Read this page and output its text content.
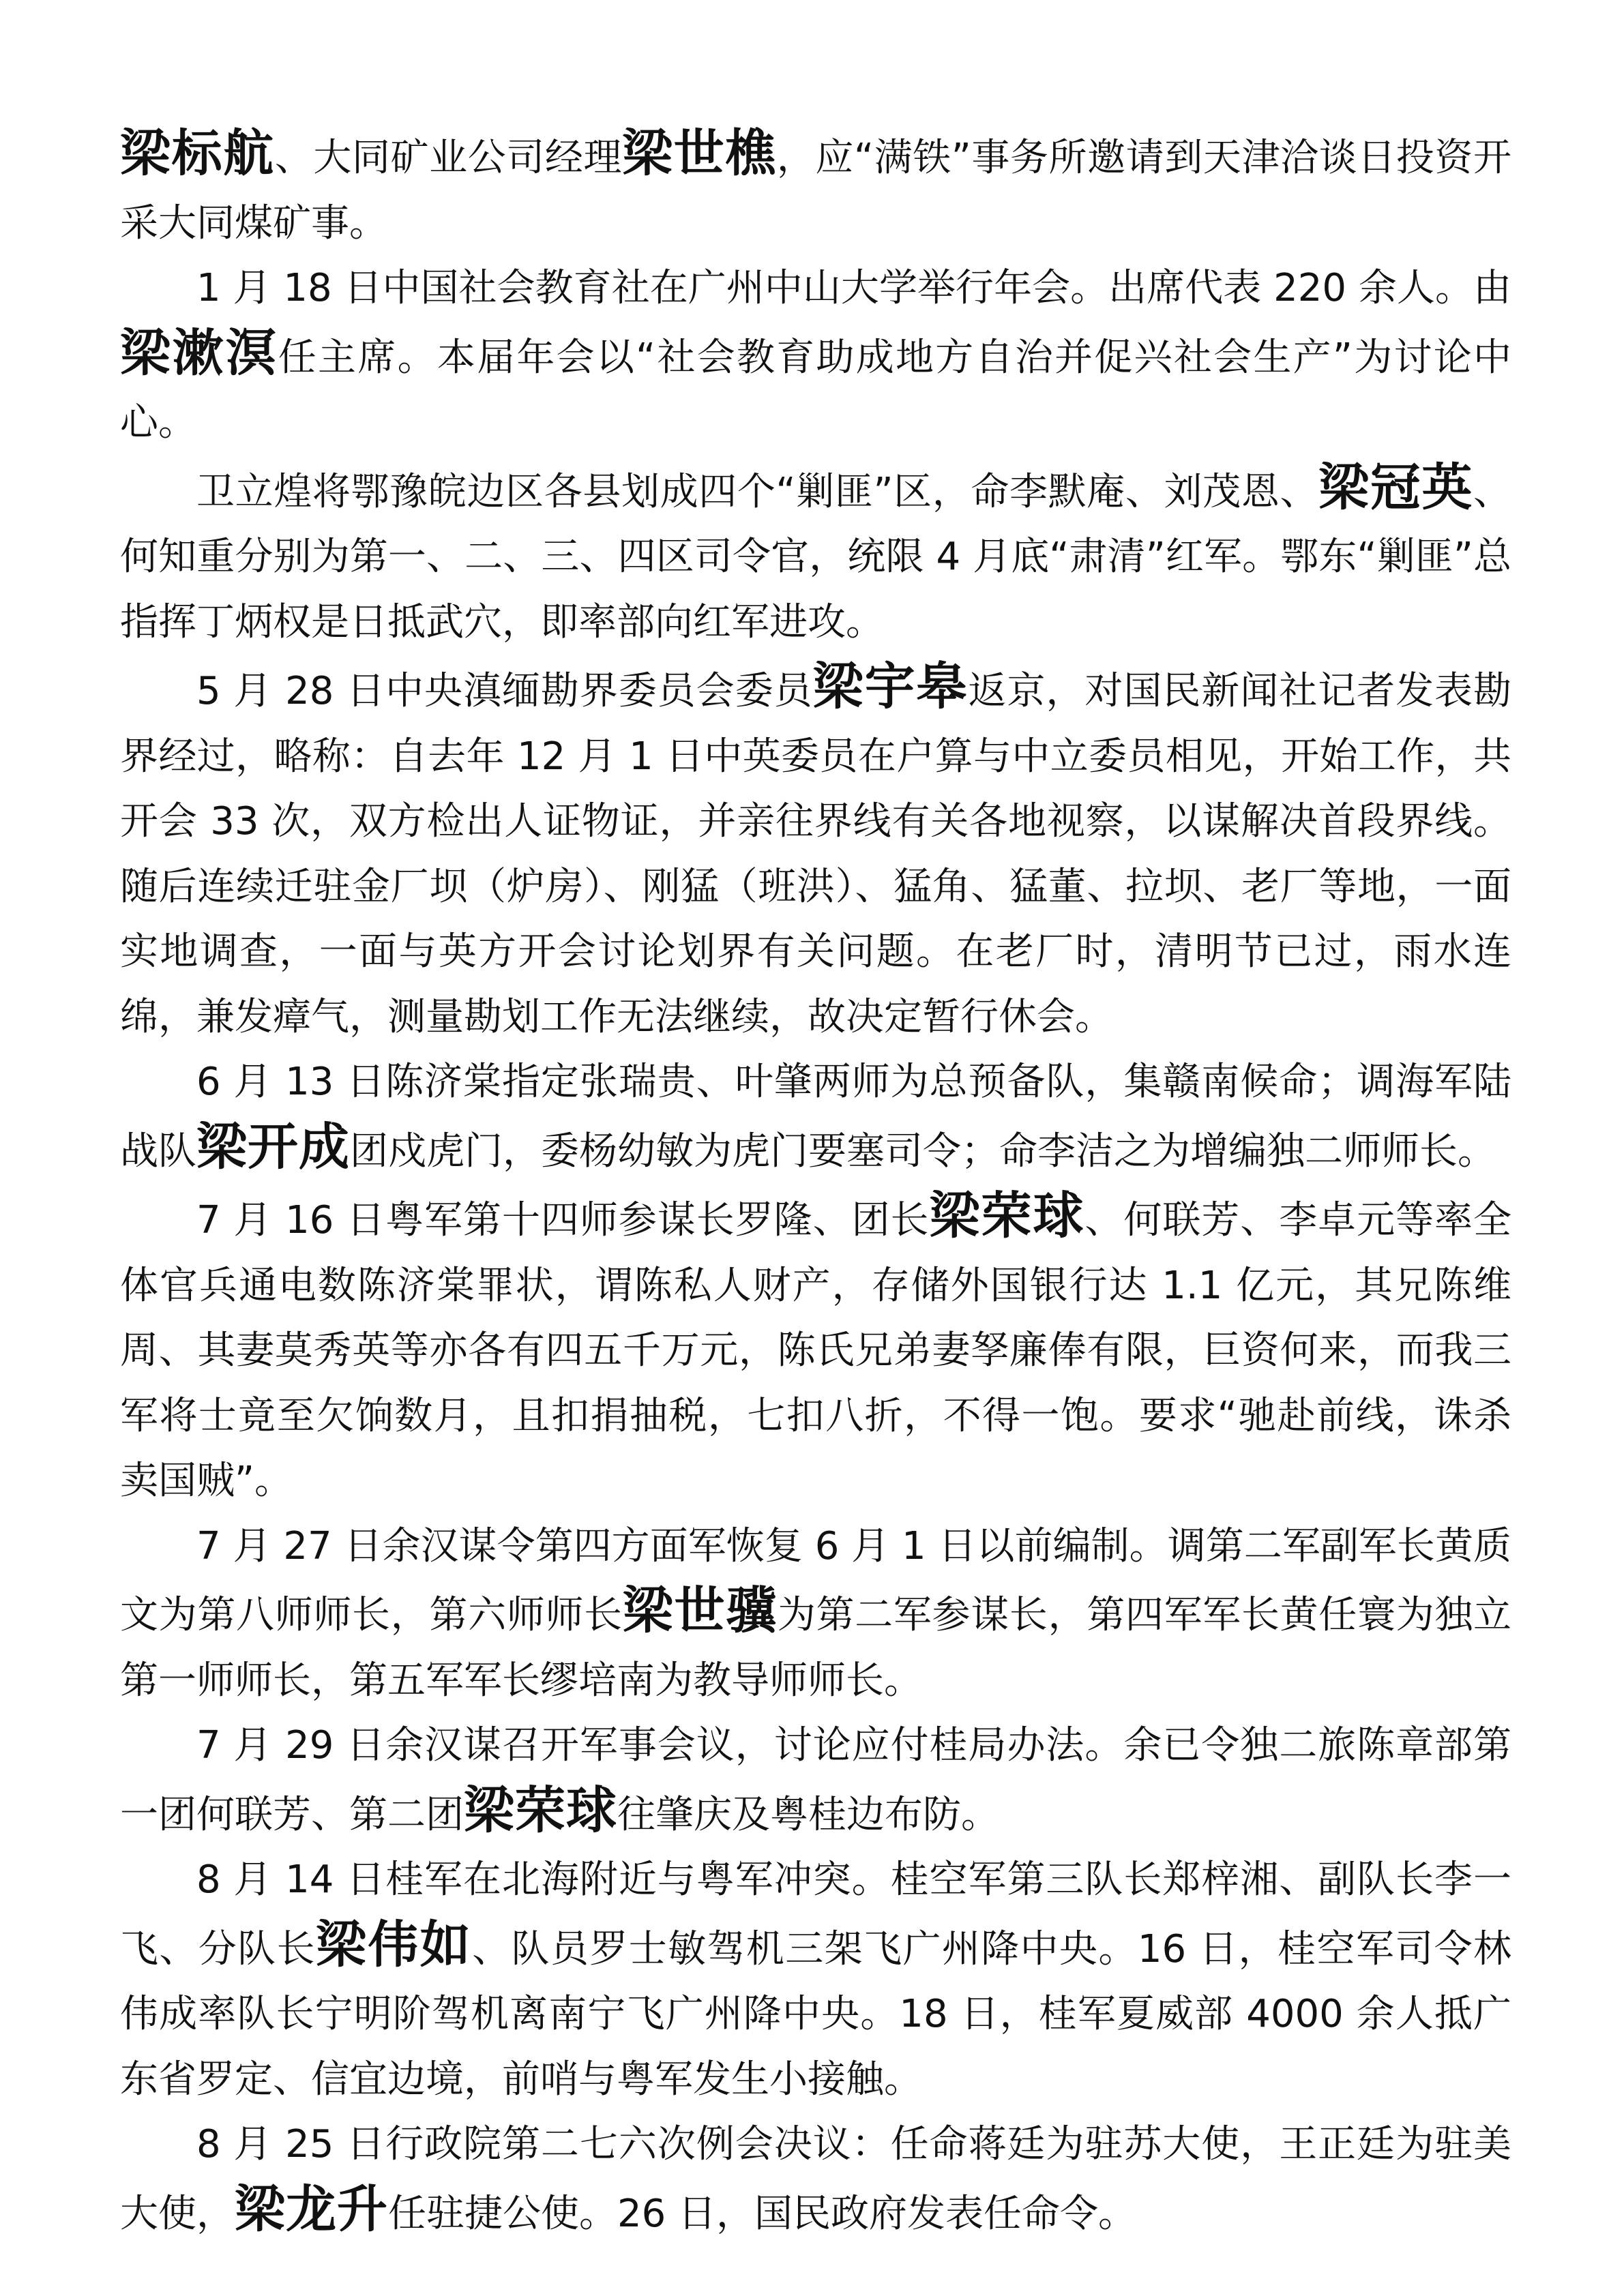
梁标航、大同矿业公司经理梁世樵，应“满铁”事务所邀请到天津洽谈日投资开采大同煤矿事。

1 月 18 日中国社会教育社在广州中山大学举行年会。出席代表 220 余人。由梁漱溟任主席。本届年会以“社会教育助成地方自治并促兴社会生产”为讨论中心。

卫立煌将鄂豫皖边区各县划成四个“剿匪”区，命李默庵、刘茂恩、梁冠英、何知重分别为第一、二、三、四区司令官，统限 4 月底“肃清”红军。鄂东“剿匪”总指挥丁炳权是日抵武穴，即率部向红军进攻。

5 月 28 日中央滇缅勘界委员会委员梁宇皋返京，对国民新闻社记者发表勘界经过，略称：自去年 12 月 1 日中英委员在户算与中立委员相见，开始工作，共开会 33 次，双方检出人证物证，并亲往界线有关各地视察，以谋解决首段界线。随后连续迁驻金厂坝（炉房）、刚猛（班洪）、猛角、猛董、拉坝、老厂等地，一面实地调查，一面与英方开会讨论划界有关问题。在老厂时，清明节已过，雨水连绵，兼发瘴气，测量勘划工作无法继续，故决定暂行休会。

6 月 13 日陈济棠指定张瑞贵、叶肇两师为总预备队，集赣南候命；调海军陆战队梁开成团戍虎门，委杨幼敏为虎门要塞司令；命李洁之为增编独二师师长。

7 月 16 日粤军第十四师参谋长罗隆、团长梁荣球、何联芳、李卓元等率全体官兵通电数陈济棠罪状，谓陈私人财产，存储外国银行达 1.1 亿元，其兄陈维周、其妻莫秀英等亦各有四五千万元，陈氏兄弟妻孥廉俸有限，巨资何来，而我三军将士竟至欠饷数月，且扣捐抽税，七扣八折，不得一饱。要求“驰赴前线，诛杀卖国贼”。

7 月 27 日余汉谋令第四方面军恢复 6 月 1 日以前编制。调第二军副军长黄质文为第八师师长，第六师师长梁世骥为第二军参谋长，第四军军长黄任寰为独立第一师师长，第五军军长缪培南为教导师师长。

7 月 29 日余汉谋召开军事会议，讨论应付桂局办法。余已令独二旅陈章部第一团何联芳、第二团梁荣球往肇庆及粤桂边布防。

8 月 14 日桂军在北海附近与粤军冲突。桂空军第三队长郑梓湘、副队长李一飞、分队长梁伟如、队员罗士敏驾机三架飞广州降中央。16 日，桂空军司令林伟成率队长宁明阶驾机离南宁飞广州降中央。18 日，桂军夏威部 4000 余人抵广东省罗定、信宜边境，前哨与粤军发生小接触。

8 月 25 日行政院第二七六次例会决议：任命蒋廷为驻苏大使，王正廷为驻美大使，梁龙升任驻捷公使。26 日，国民政府发表任命令。
